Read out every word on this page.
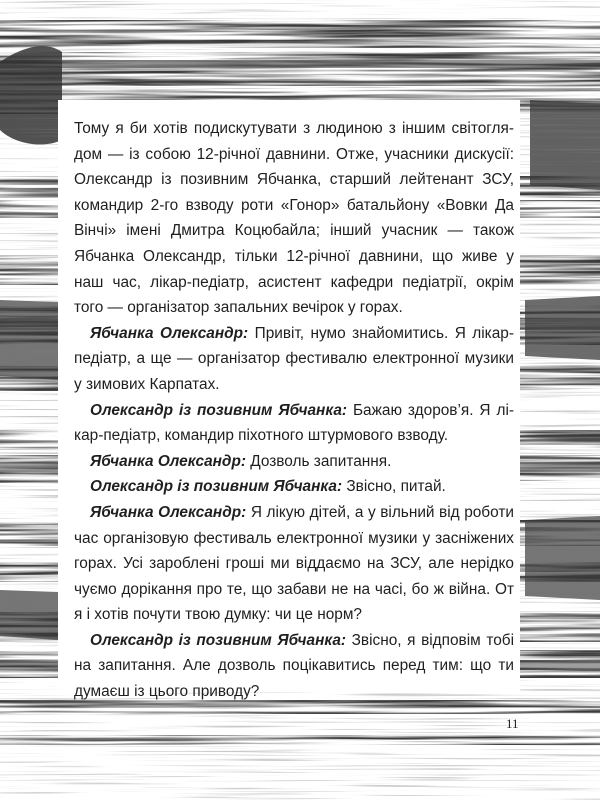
Тому я би хотів подискутувати з людиною з іншим світоглядом — із собою 12-річної давнини. Отже, учасники дискусії: Олександр із позивним Ябчанка, старший лейтенант ЗСУ, командир 2-го взводу роти «Гонор» батальйону «Вовки Да Вінчі» імені Дмитра Коцюбайла; інший учасник — також Ябчанка Олександр, тільки 12-річної давнини, що живе у наш час, лікар-педіатр, асистент кафедри педіатрії, окрім того — організатор запальних вечірок у горах.

Ябчанка Олександр: Привіт, нумо знайомитись. Я лікар-педіатр, а ще — організатор фестивалю електронної музики у зимових Карпатах.

Олександр із позивним Ябчанка: Бажаю здоров’я. Я лікар-педіатр, командир піхотного штурмового взводу.

Ябчанка Олександр: Дозволь запитання.

Олександр із позивним Ябчанка: Звісно, питай.

Ябчанка Олександр: Я лікую дітей, а у вільний від роботи час організовую фестиваль електронної музики у засніжених горах. Усі зароблені гроші ми віддаємо на ЗСУ, але нерідко чуємо дорікання про те, що забави не на часі, бо ж війна. От я і хотів почути твою думку: чи це норм?

Олександр із позивним Ябчанка: Звісно, я відповім тобі на запитання. Але дозволь поцікавитись перед тим: що ти думаєш із цього приводу?

11
